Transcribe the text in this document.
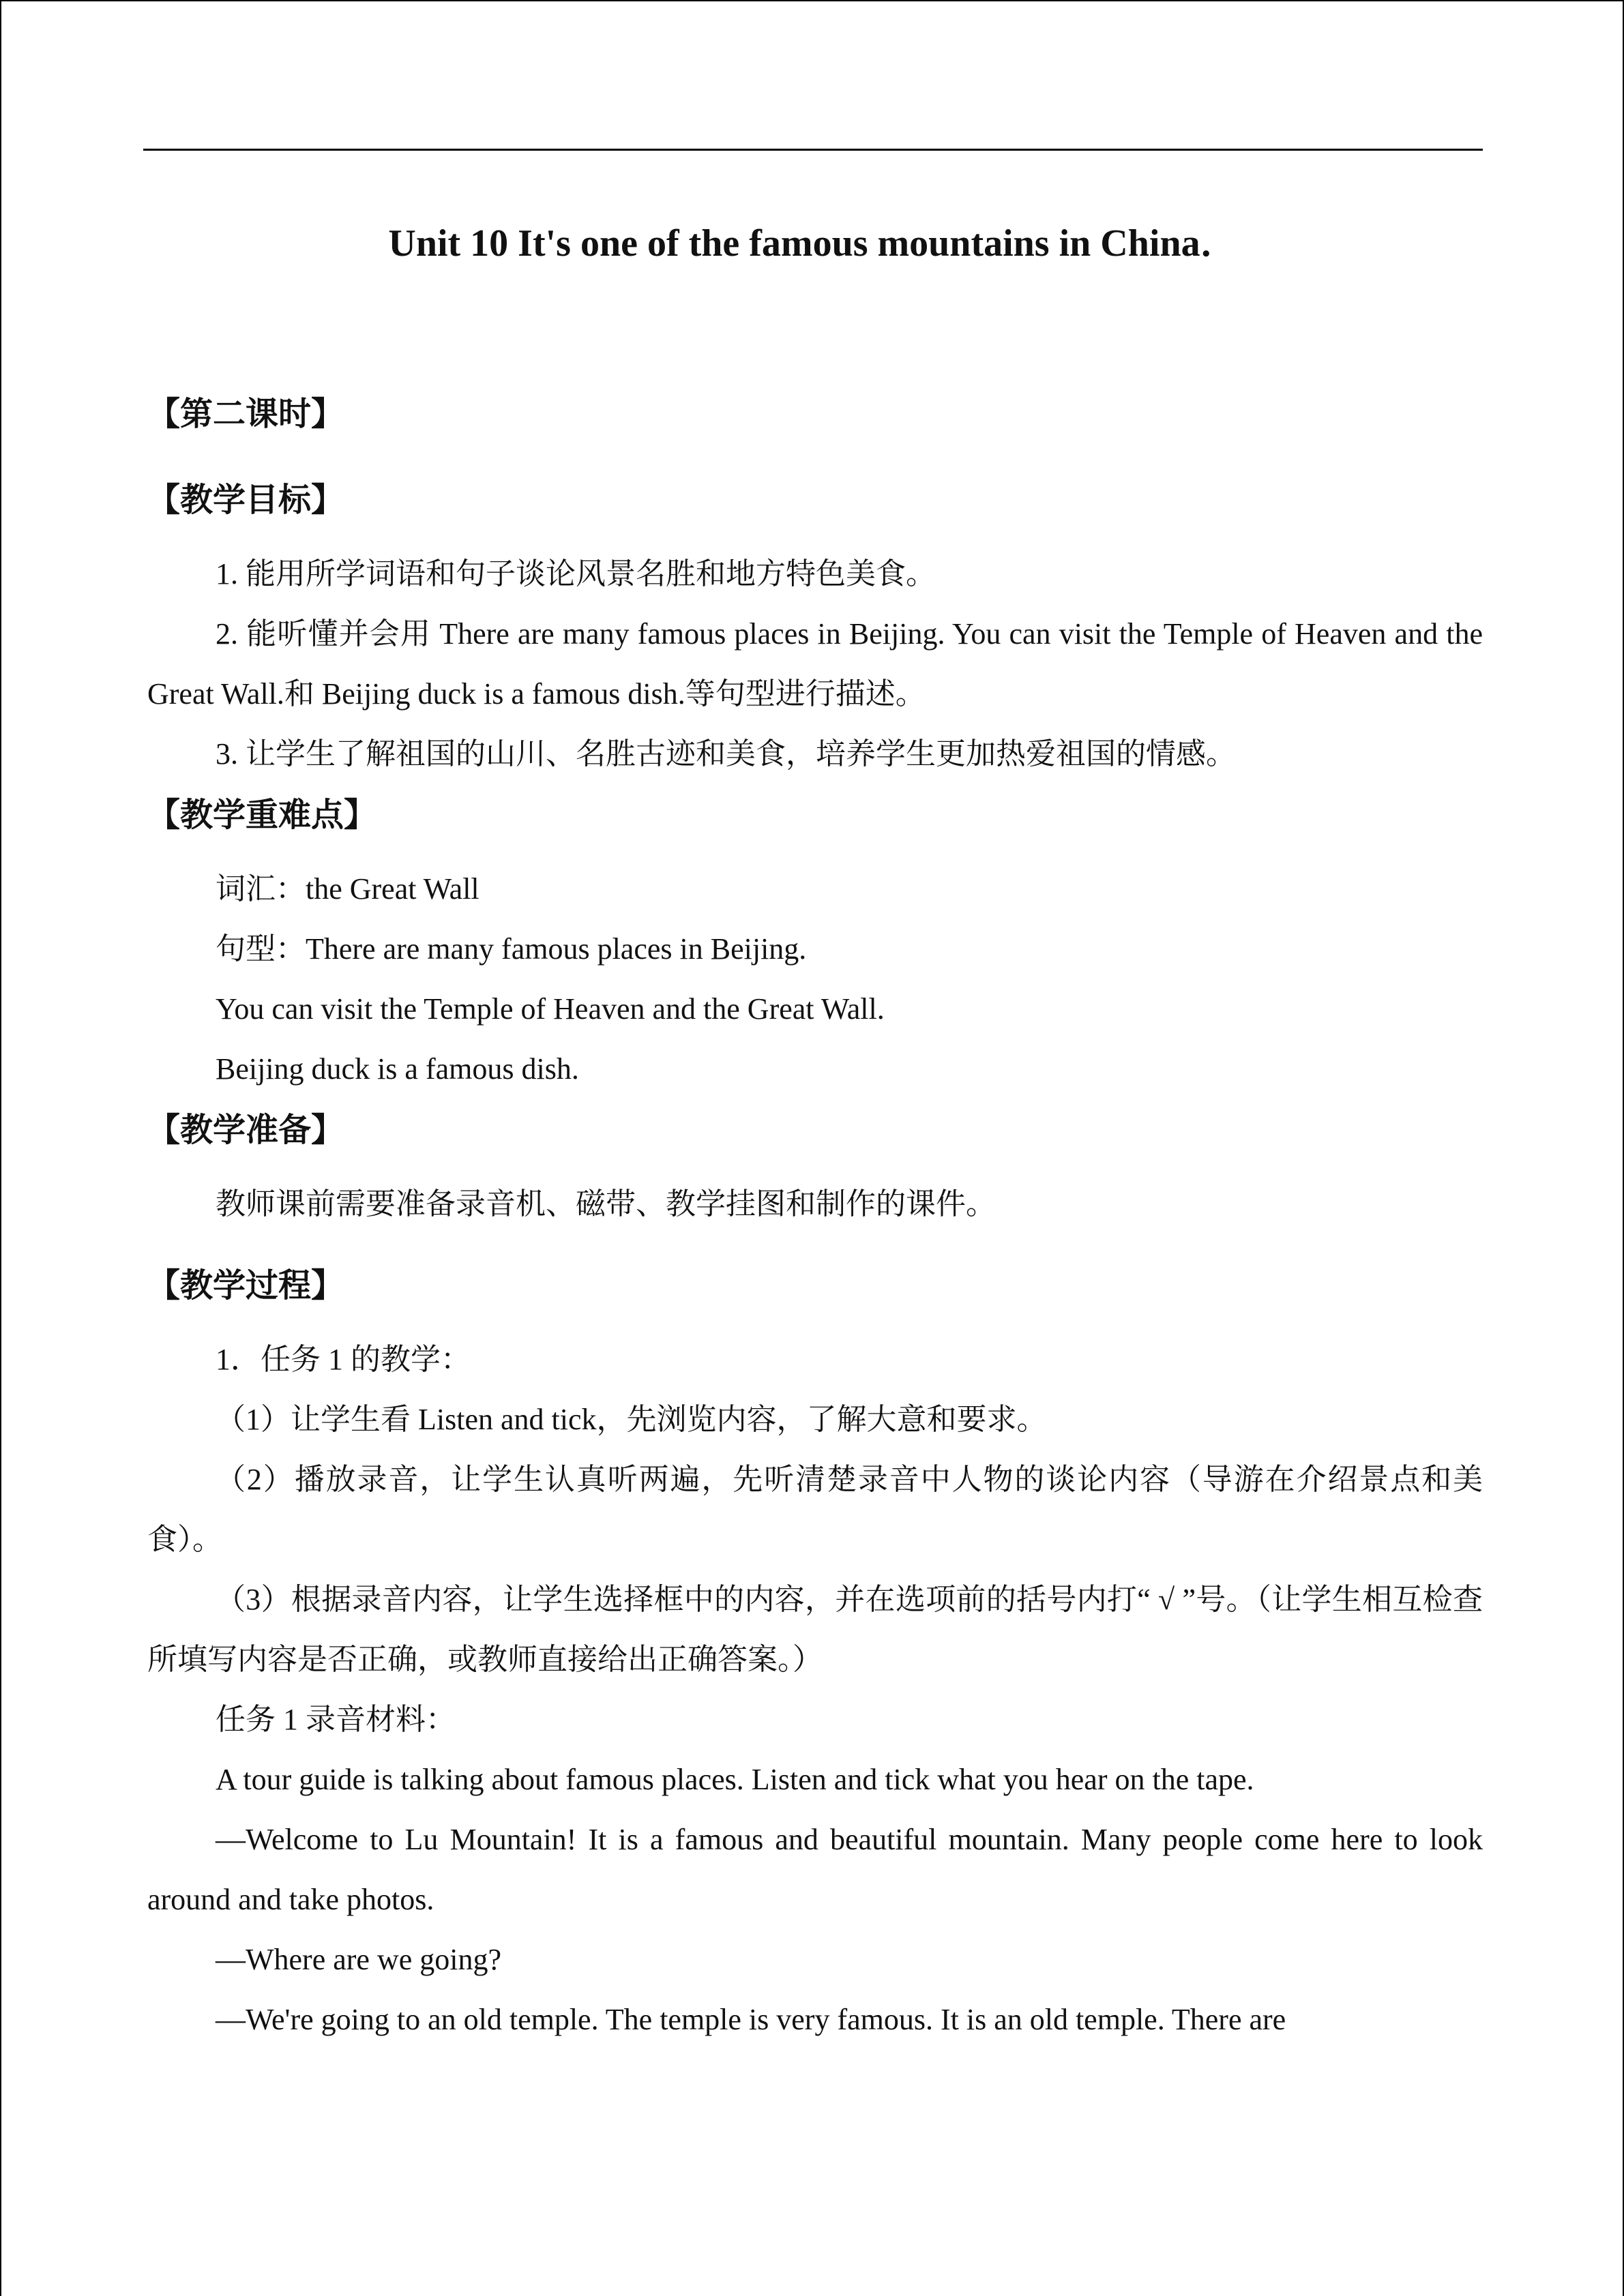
Unit 10 It's one of the famous mountains in China．

【第二课时】

【教学目标】

1. 能用所学词语和句子谈论风景名胜和地方特色美食。

2. 能听懂并会用 There are many famous places in Beijing. You can visit the Temple of Heaven and the Great Wall.和 Beijing duck is a famous dish.等句型进行描述。

3. 让学生了解祖国的山川、名胜古迹和美食，培养学生更加热爱祖国的情感。

【教学重难点】

词汇：the Great Wall

句型：There are many famous places in Beijing.

You can visit the Temple of Heaven and the Great Wall.

Beijing duck is a famous dish.

【教学准备】

教师课前需要准备录音机、磁带、教学挂图和制作的课件。

【教学过程】

1．任务 1 的教学：

（1）让学生看 Listen and tick，先浏览内容，了解大意和要求。

（2）播放录音，让学生认真听两遍，先听清楚录音中人物的谈论内容（导游在介绍景点和美食）。

（3）根据录音内容，让学生选择框中的内容，并在选项前的括号内打“ √ ”号。（让学生相互检查所填写内容是否正确，或教师直接给出正确答案。）

任务 1 录音材料：

A tour guide is talking about famous places. Listen and tick what you hear on the tape.

—Welcome to Lu Mountain! It is a famous and beautiful mountain. Many people come here to look around and take photos.

—Where are we going?

—We're going to an old temple. The temple is very famous. It is an old temple. There are
